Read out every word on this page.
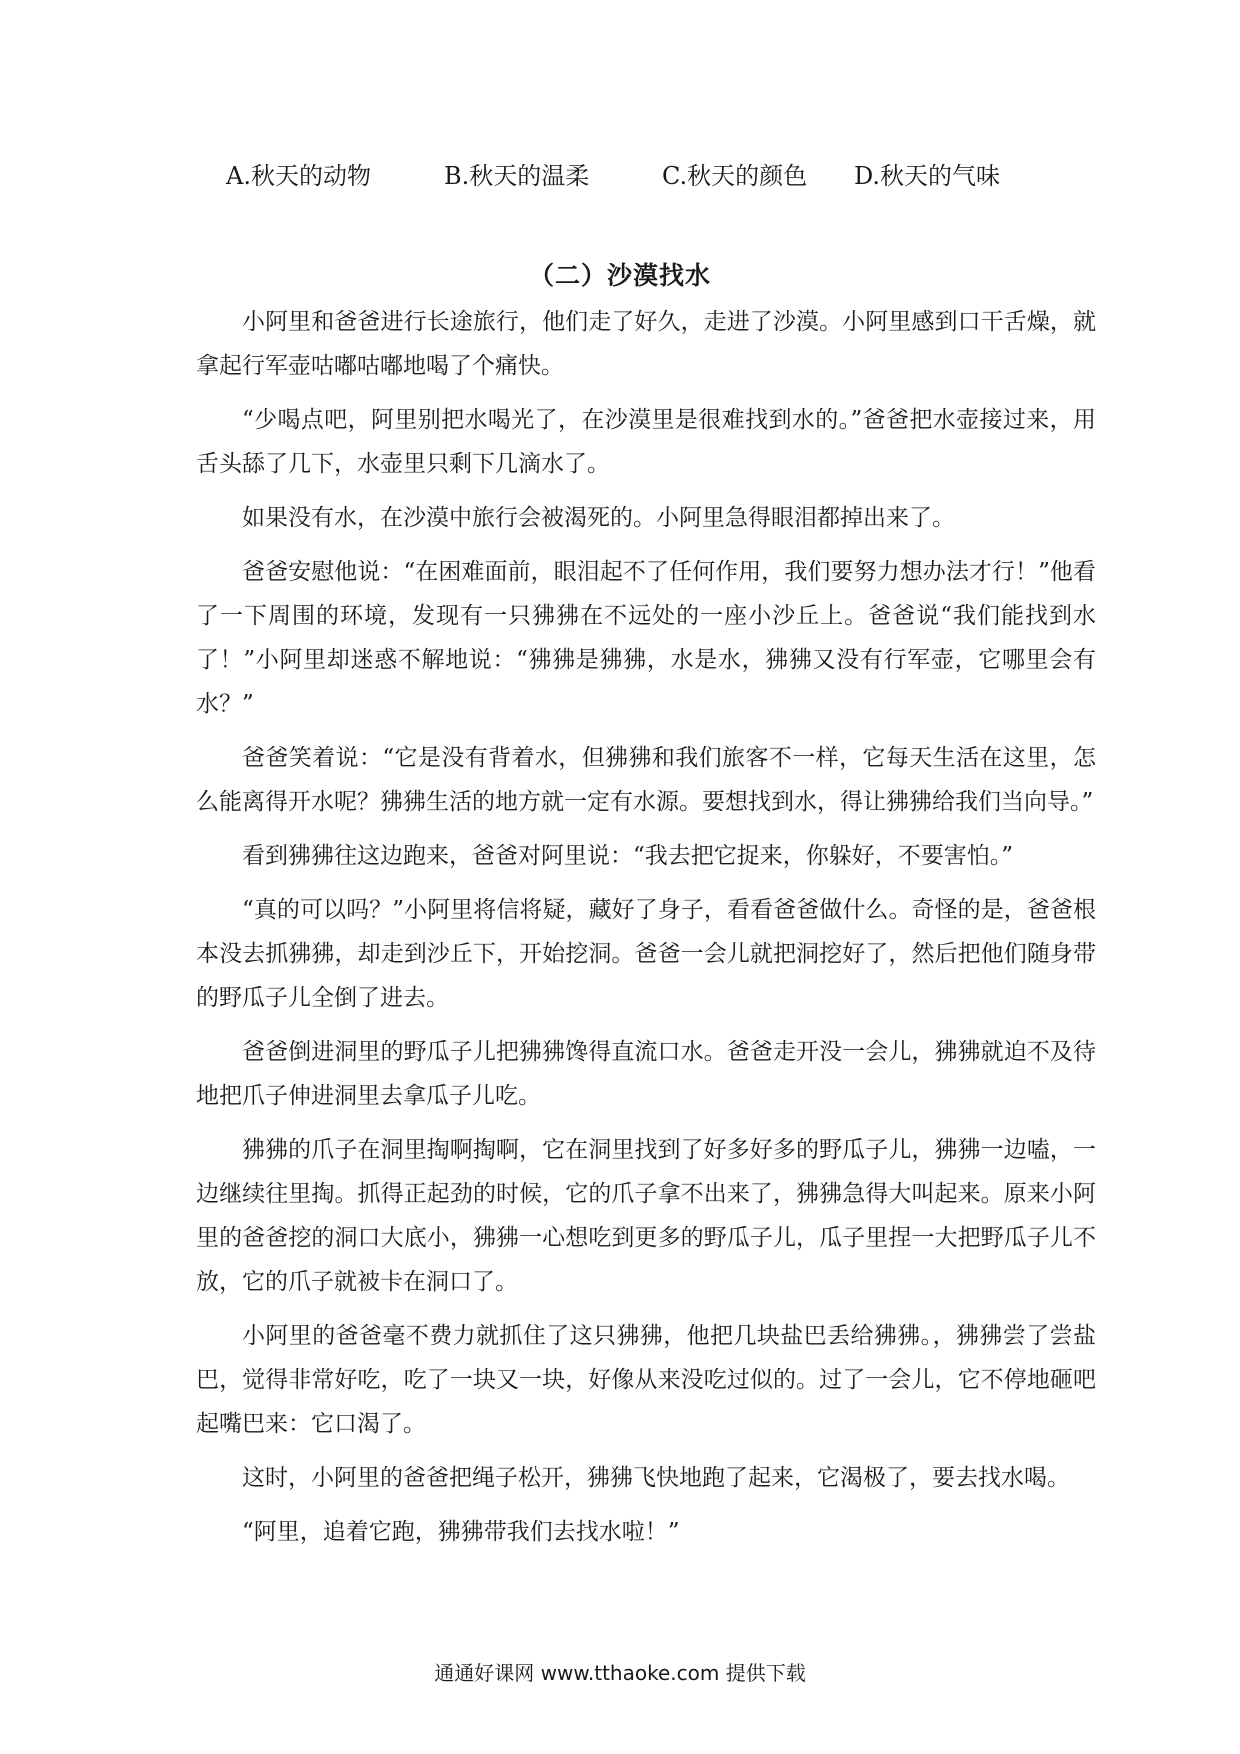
A.秋天的动物	B.秋天的温柔	C.秋天的颜色 D.秋天的气味
（二）沙漠找水

小阿里和爸爸进行长途旅行，他们走了好久，走进了沙漠。小阿里感到口干舌燥，就拿起行军壶咕嘟咕嘟地喝了个痛快。

“少喝点吧，阿里别把水喝光了，在沙漠里是很难找到水的。”爸爸把水壶接过来，用舌头舔了几下，水壶里只剩下几滴水了。

如果没有水，在沙漠中旅行会被渴死的。小阿里急得眼泪都掉出来了。

爸爸安慰他说：“在困难面前，眼泪起不了任何作用，我们要努力想办法才行！”他看了一下周围的环境，发现有一只狒狒在不远处的一座小沙丘上。爸爸说“我们能找到水了！”小阿里却迷惑不解地说：“狒狒是狒狒，水是水，狒狒又没有行军壶，它哪里会有水？”

爸爸笑着说：“它是没有背着水，但狒狒和我们旅客不一样，它每天生活在这里，怎么能离得开水呢？狒狒生活的地方就一定有水源。要想找到水，得让狒狒给我们当向导。”

看到狒狒往这边跑来，爸爸对阿里说：“我去把它捉来，你躲好，不要害怕。”

“真的可以吗？”小阿里将信将疑，藏好了身子，看看爸爸做什么。奇怪的是，爸爸根本没去抓狒狒，却走到沙丘下，开始挖洞。爸爸一会儿就把洞挖好了，然后把他们随身带的野瓜子儿全倒了进去。

爸爸倒进洞里的野瓜子儿把狒狒馋得直流口水。爸爸走开没一会儿，狒狒就迫不及待地把爪子伸进洞里去拿瓜子儿吃。

狒狒的爪子在洞里掏啊掏啊，它在洞里找到了好多好多的野瓜子儿，狒狒一边嗑，一边继续往里掏。抓得正起劲的时候，它的爪子拿不出来了，狒狒急得大叫起来。原来小阿里的爸爸挖的洞口大底小，狒狒一心想吃到更多的野瓜子儿，瓜子里捏一大把野瓜子儿不放，它的爪子就被卡在洞口了。

小阿里的爸爸毫不费力就抓住了这只狒狒，他把几块盐巴丢给狒狒。，狒狒尝了尝盐巴，觉得非常好吃，吃了一块又一块，好像从来没吃过似的。过了一会儿，它不停地砸吧起嘴巴来：它口渴了。

这时，小阿里的爸爸把绳子松开，狒狒飞快地跑了起来，它渴极了，要去找水喝。

“阿里，追着它跑，狒狒带我们去找水啦！”

通通好课网 www.tthaoke.com 提供下载
